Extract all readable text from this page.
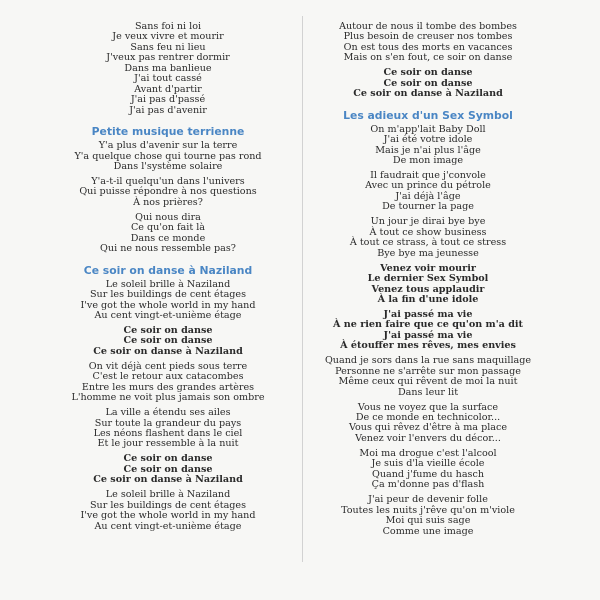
Sans foi ni loi
Je veux vivre et mourir
Sans feu ni lieu
J'veux pas rentrer dormir
Dans ma banlieue
J'ai tout cassé
Avant d'partir
J'ai pas d'passé
J'ai pas d'avenir
Petite musique terrienne
Y'a plus d'avenir sur la terre
Y'a quelque chose qui tourne pas rond
Dans l'système solaire
Y'a-t-il quelqu'un dans l'univers
Qui puisse répondre à nos questions
À nos prières?
Qui nous dira
Ce qu'on fait là
Dans ce monde
Qui ne nous ressemble pas?
Ce soir on danse à Naziland
Le soleil brille à Naziland
Sur les buildings de cent étages
I've got the whole world in my hand
Au cent vingt-et-unième étage
Ce soir on danse
Ce soir on danse
Ce soir on danse à Naziland
On vit déjà cent pieds sous terre
C'est le retour aux catacombes
Entre les murs des grandes artères
L'homme ne voit plus jamais son ombre
La ville a étendu ses ailes
Sur toute la grandeur du pays
Les néons flashent dans le ciel
Et le jour ressemble à la nuit
Ce soir on danse
Ce soir on danse
Ce soir on danse à Naziland
Le soleil brille à Naziland
Sur les buildings de cent étages
I've got the whole world in my hand
Au cent vingt-et-unième étage
Autour de nous il tombe des bombes
Plus besoin de creuser nos tombes
On est tous des morts en vacances
Mais on s'en fout, ce soir on danse
Ce soir on danse
Ce soir on danse
Ce soir on danse à Naziland
Les adieux d'un Sex Symbol
On m'app'lait Baby Doll
J'ai été votre idole
Mais je n'ai plus l'âge
De mon image
Il faudrait que j'convole
Avec un prince du pétrole
J'ai déjà l'âge
De tourner la page
Un jour je dirai bye bye
À tout ce show business
À tout ce strass, à tout ce stress
Bye bye ma jeunesse
Venez voir mourir
Le dernier Sex Symbol
Venez tous applaudir
À la fin d'une idole
J'ai passé ma vie
À ne rien faire que ce qu'on m'a dit
J'ai passé ma vie
À étouffer mes rêves, mes envies
Quand je sors dans la rue sans maquillage
Personne ne s'arrête sur mon passage
Même ceux qui rêvent de moi la nuit
Dans leur lit
Vous ne voyez que la surface
De ce monde en technicolor...
Vous qui rêvez d'être à ma place
Venez voir l'envers du décor...
Moi ma drogue c'est l'alcool
Je suis d'la vieille école
Quand j'fume du hasch
Ça m'donne pas d'flash
J'ai peur de devenir folle
Toutes les nuits j'rêve qu'on m'viole
Moi qui suis sage
Comme une image
